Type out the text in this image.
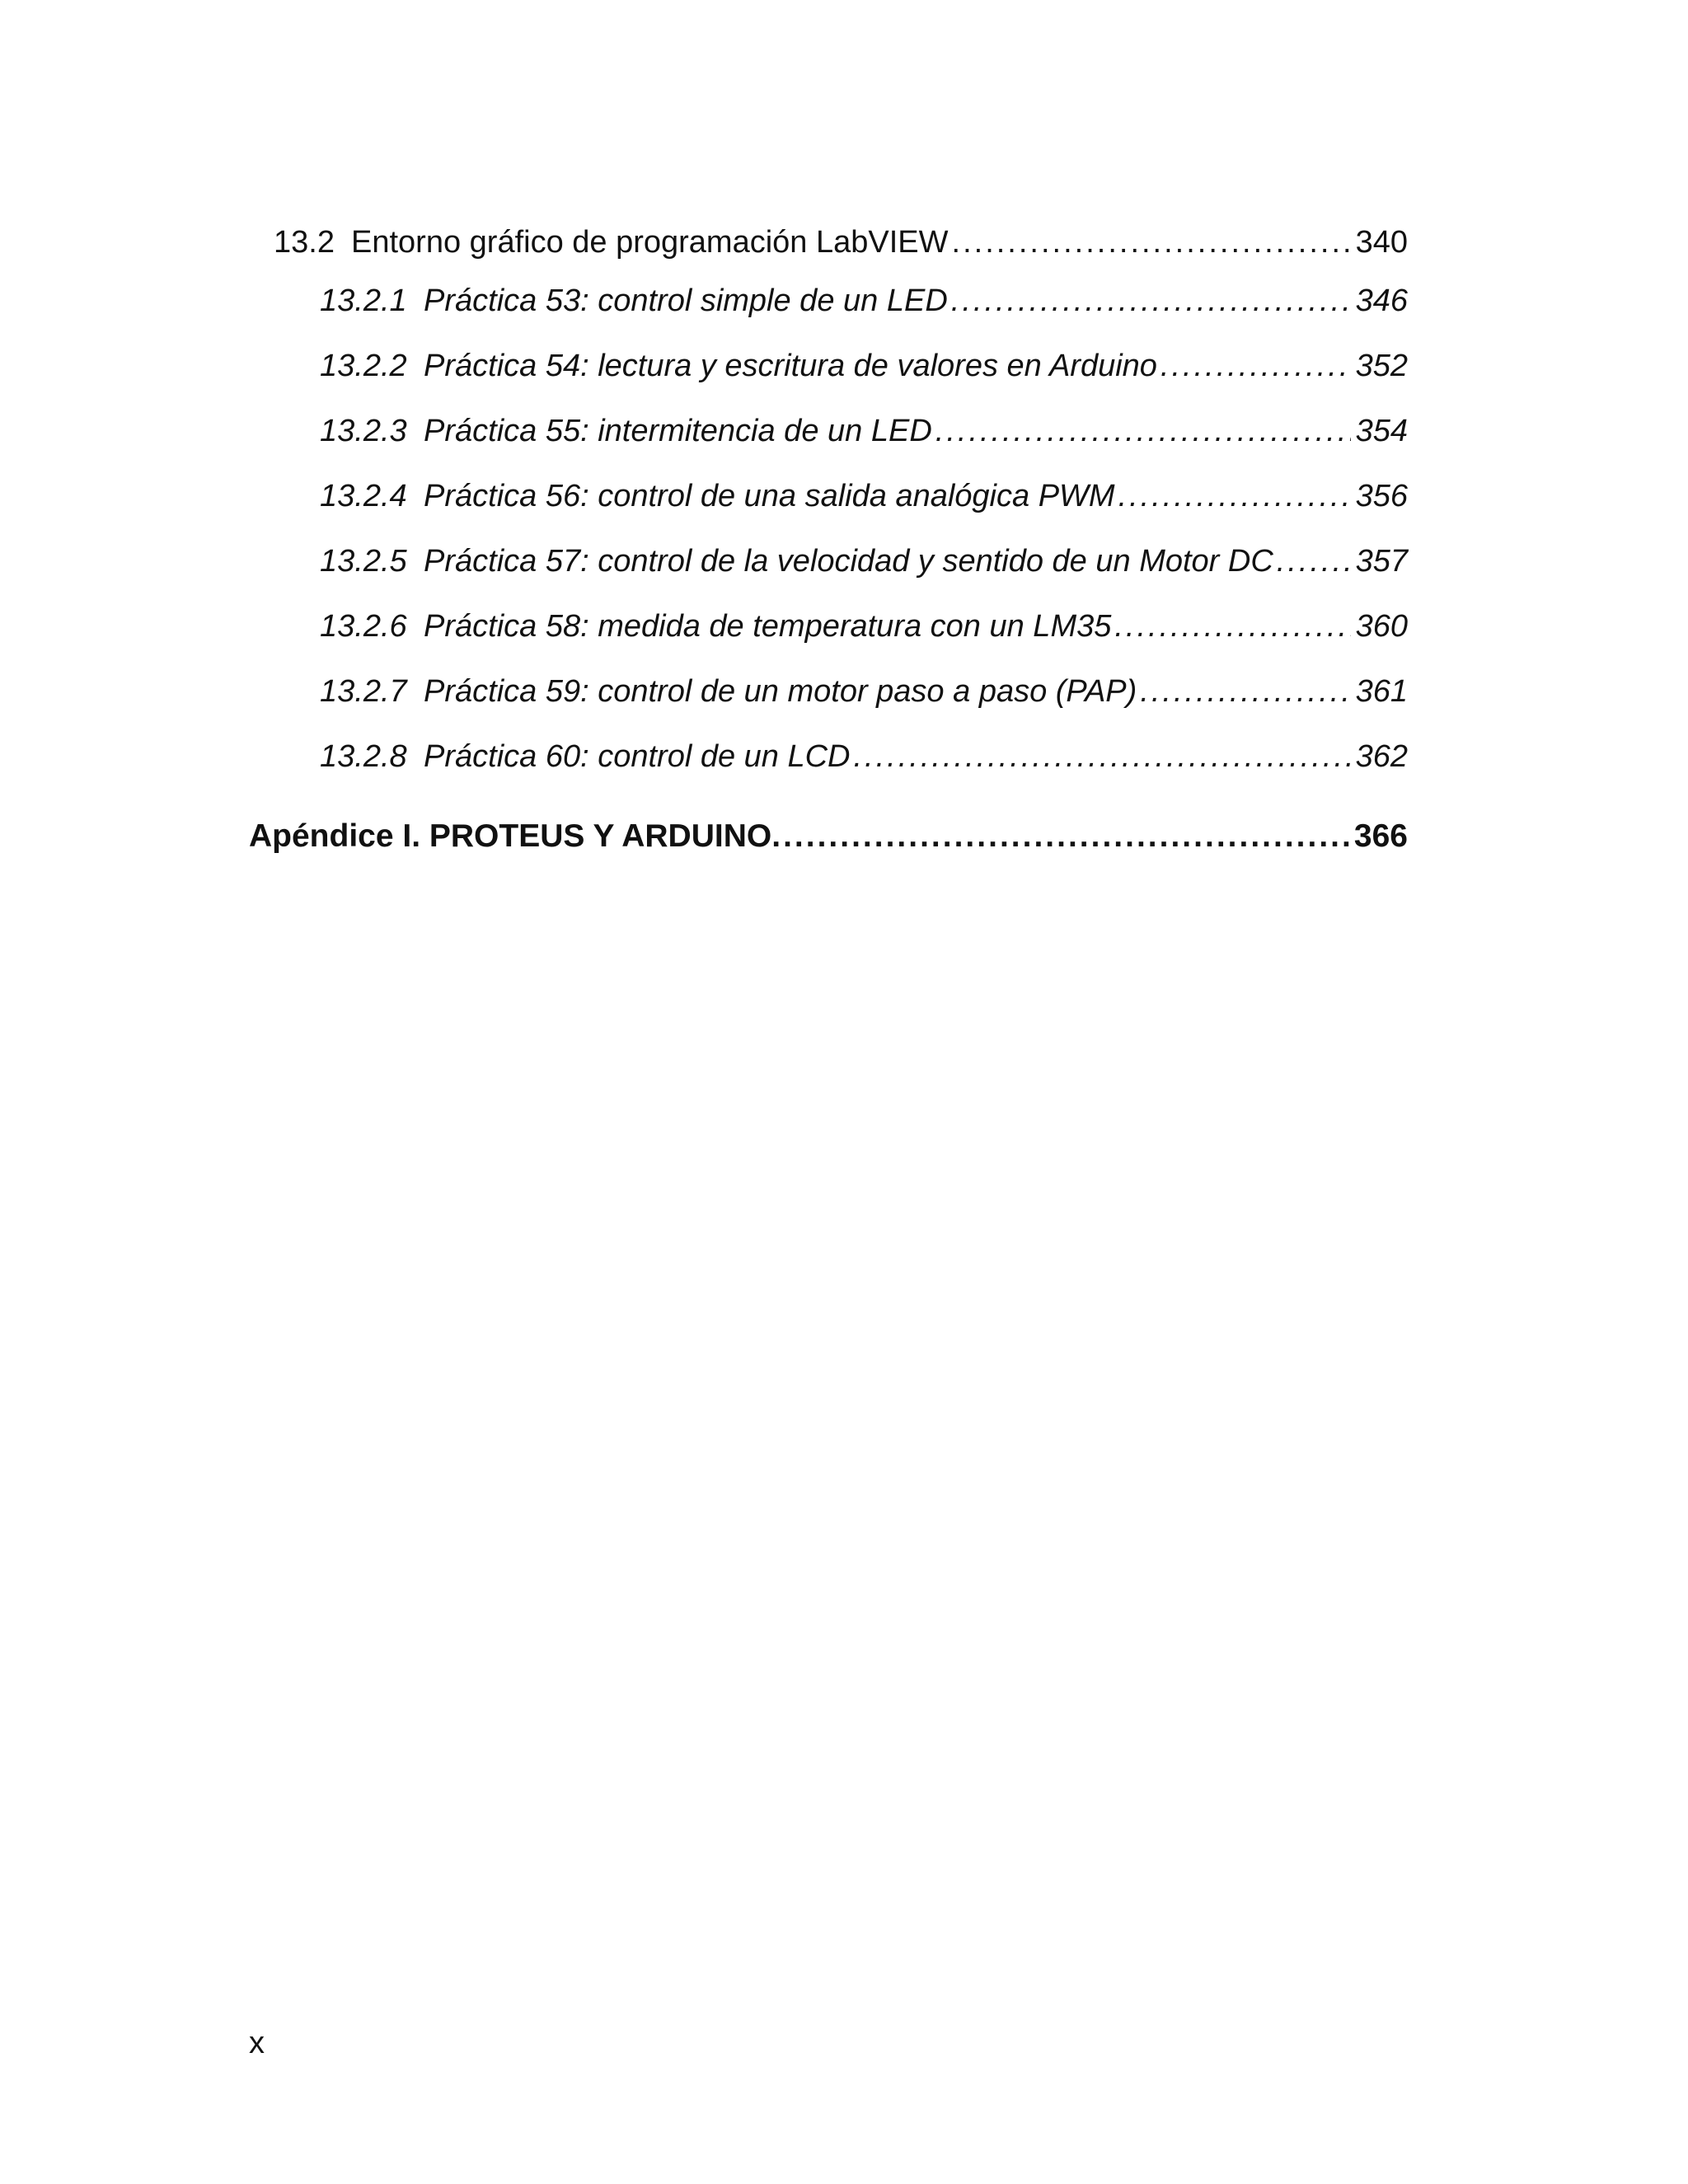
13.2 Entorno gráfico de programación LabVIEW .....	340
13.2.1 Práctica 53: control simple de un LED .....	346
13.2.2 Práctica 54: lectura y escritura de valores en Arduino .....	352
13.2.3 Práctica 55: intermitencia de un LED .....	354
13.2.4 Práctica 56: control de una salida analógica PWM .....	356
13.2.5 Práctica 57: control de la velocidad y sentido de un Motor DC .....	357
13.2.6 Práctica 58: medida de temperatura con un LM35 .....	360
13.2.7 Práctica 59: control de un motor paso a paso (PAP) .....	361
13.2.8 Práctica 60: control de un LCD .....	362
Apéndice I. PROTEUS Y ARDUINO .....	366
x
